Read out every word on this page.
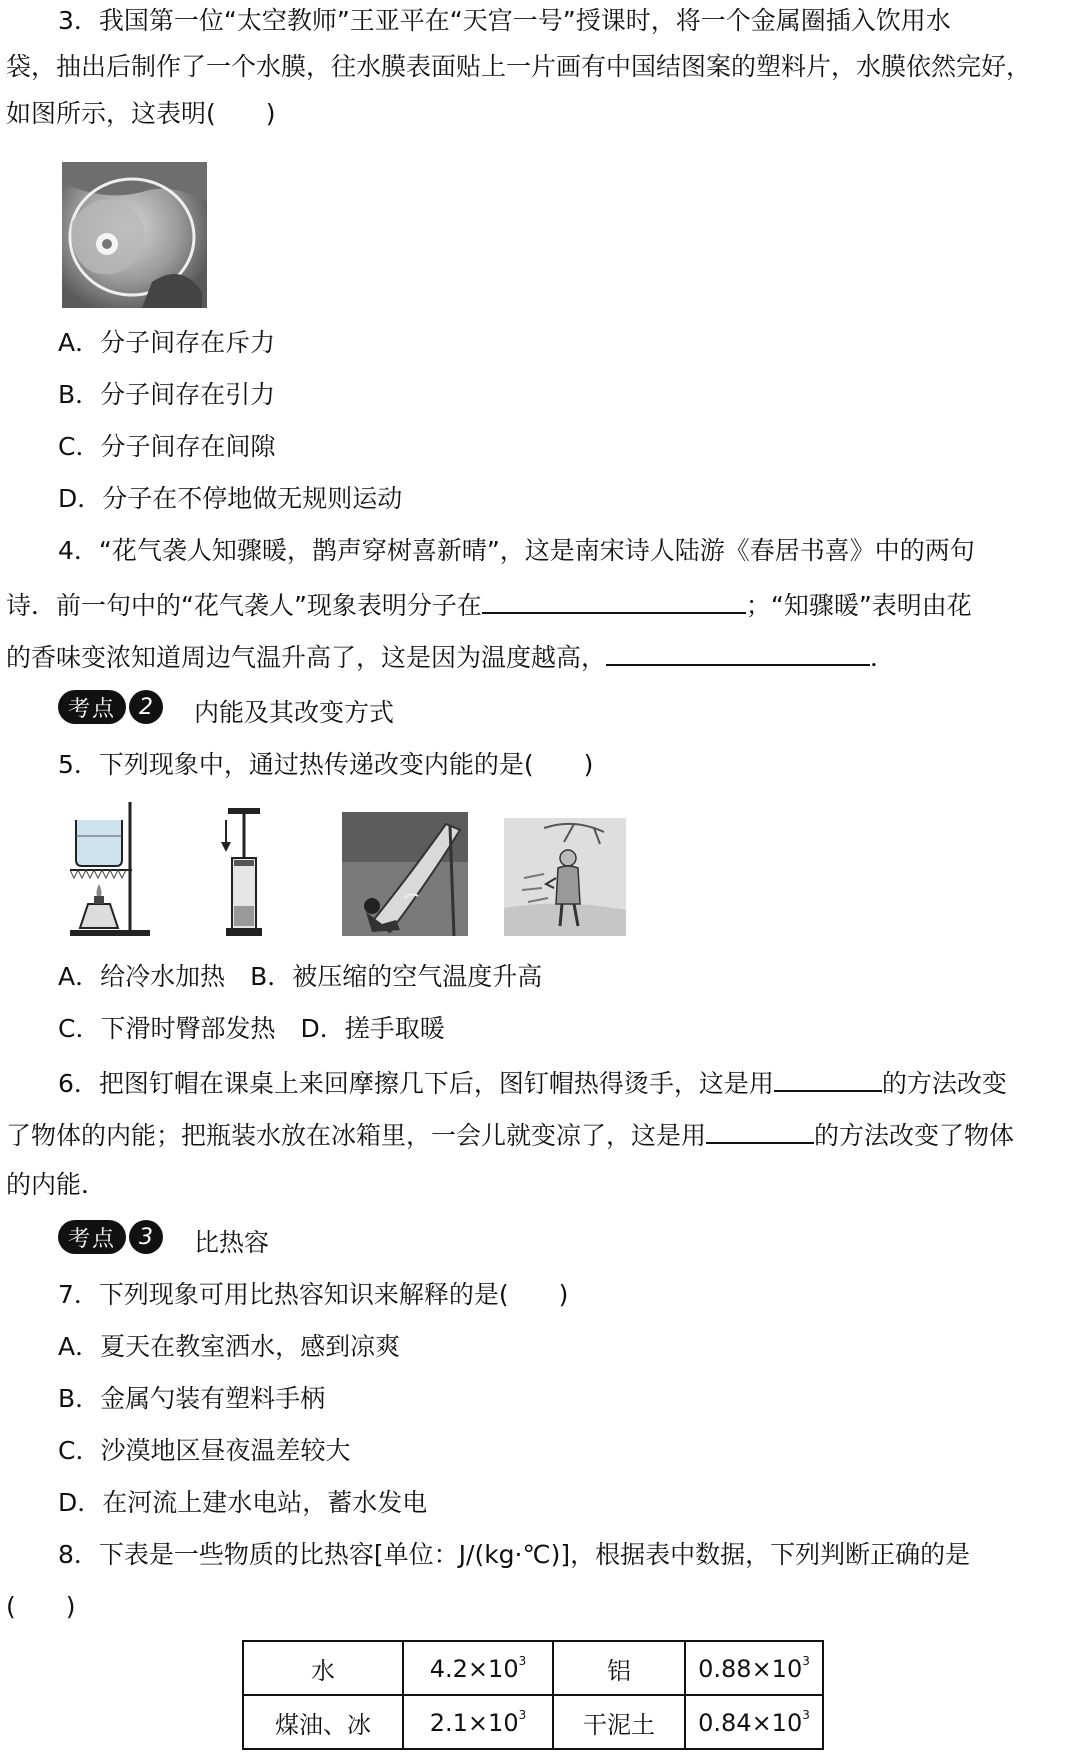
3．我国第一位“太空教师”王亚平在“天宫一号”授课时，将一个金属圈插入饮用水
袋，抽出后制作了一个水膜，往水膜表面贴上一片画有中国结图案的塑料片，水膜依然完好，
如图所示，这表明(　　)
A．分子间存在斥力
B．分子间存在引力
C．分子间存在间隙
D．分子在不停地做无规则运动
4．“花气袭人知骤暖，鹊声穿树喜新晴”，这是南宋诗人陆游《春居书喜》中的两句
诗．前一句中的“花气袭人”现象表明分子在	；“知骤暖”表明由花
的香味变浓知道周边气温升高了，这是因为温度越高，	．
考点	2	内能及其改变方式
5．下列现象中，通过热传递改变内能的是(　　)
A．给冷水加热　B．被压缩的空气温度升高
C．下滑时臀部发热　D．搓手取暖
6．把图钉帽在课桌上来回摩擦几下后，图钉帽热得烫手，这是用	的方法改变
了物体的内能；把瓶装水放在冰箱里，一会儿就变凉了，这是用	的方法改变了物体
的内能．
考点	3	比热容
7．下列现象可用比热容知识来解释的是(　　)
A．夏天在教室洒水，感到凉爽
B．金属勺装有塑料手柄
C．沙漠地区昼夜温差较大
D．在河流上建水电站，蓄水发电
8．下表是一些物质的比热容[单位：J/(kg·℃)]，根据表中数据，下列判断正确的是
(　　)
水	$4.2\times 10^3$	铝	$0.88\times 10^3$
煤油、冰	$2.1\times 10^3$	干泥土	$0.84\times 10^3$
